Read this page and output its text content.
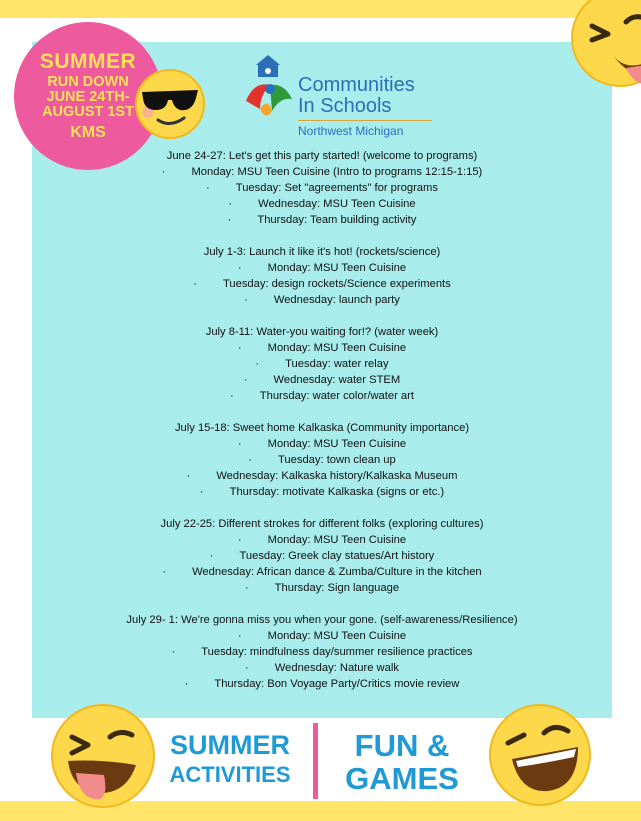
SUMMER
RUN DOWN
JUNE 24TH-
AUGUST 1ST
KMS
Communities
In Schools
Northwest Michigan
June 24-27: Let's get this party started! (welcome to programs)
· Monday: MSU Teen Cuisine (Intro to programs 12:15-1:15)
· Tuesday: Set "agreements" for programs
· Wednesday: MSU Teen Cuisine
· Thursday: Team building activity
July 1-3: Launch it like it's hot! (rockets/science)
· Monday: MSU Teen Cuisine
· Tuesday: design rockets/Science experiments
· Wednesday: launch party
July 8-11: Water-you waiting for!? (water week)
· Monday: MSU Teen Cuisine
· Tuesday: water relay
· Wednesday: water STEM
· Thursday: water color/water art
July 15-18: Sweet home Kalkaska (Community importance)
· Monday: MSU Teen Cuisine
· Tuesday: town clean up
· Wednesday: Kalkaska history/Kalkaska Museum
· Thursday: motivate Kalkaska (signs or etc.)
July 22-25: Different strokes for different folks (exploring cultures)
· Monday: MSU Teen Cuisine
· Tuesday: Greek clay statues/Art history
· Wednesday: African dance & Zumba/Culture in the kitchen
· Thursday: Sign language
July 29- 1: We're gonna miss you when your gone. (self-awareness/Resilience)
· Monday: MSU Teen Cuisine
· Tuesday: mindfulness day/summer resilience practices
· Wednesday: Nature walk
· Thursday: Bon Voyage Party/Critics movie review
SUMMER
ACTIVITIES
FUN &
GAMES
